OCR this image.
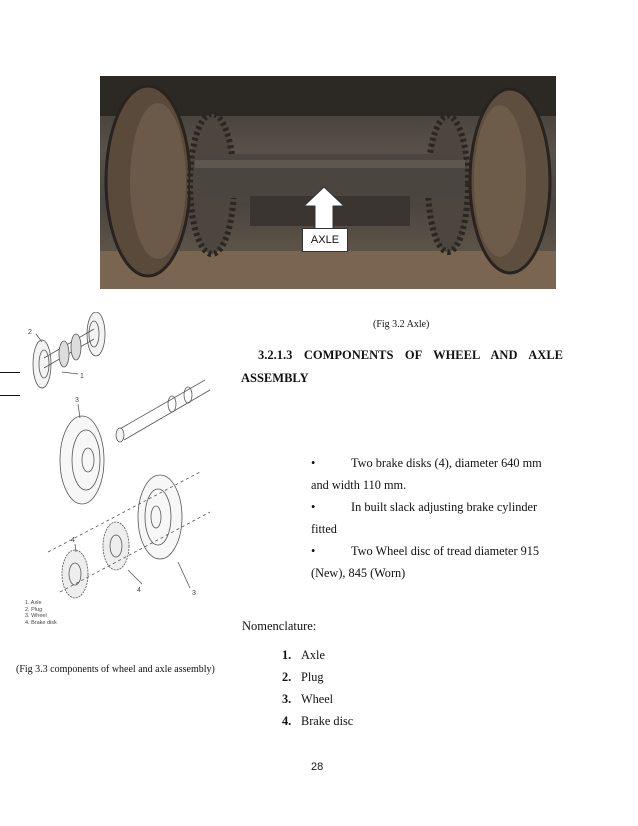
AXLE
(Fig 3.2 Axle)
2
1
3
4
4	3
1. Axle
2. Plug
3. Wheel
4. Brake disk
(Fig 3.3 components of wheel and axle assembly)
3.2.1.3 COMPONENTS OF WHEEL AND AXLE
ASSEMBLY
•	Two brake disks (4), diameter 640 mm
and width 110 mm.
•	In built slack adjusting brake cylinder
fitted
•	Two Wheel disc of tread diameter 915
(New), 845 (Worn)
Nomenclature:
1. Axle
2. Plug
3. Wheel
4. Brake disc
28
